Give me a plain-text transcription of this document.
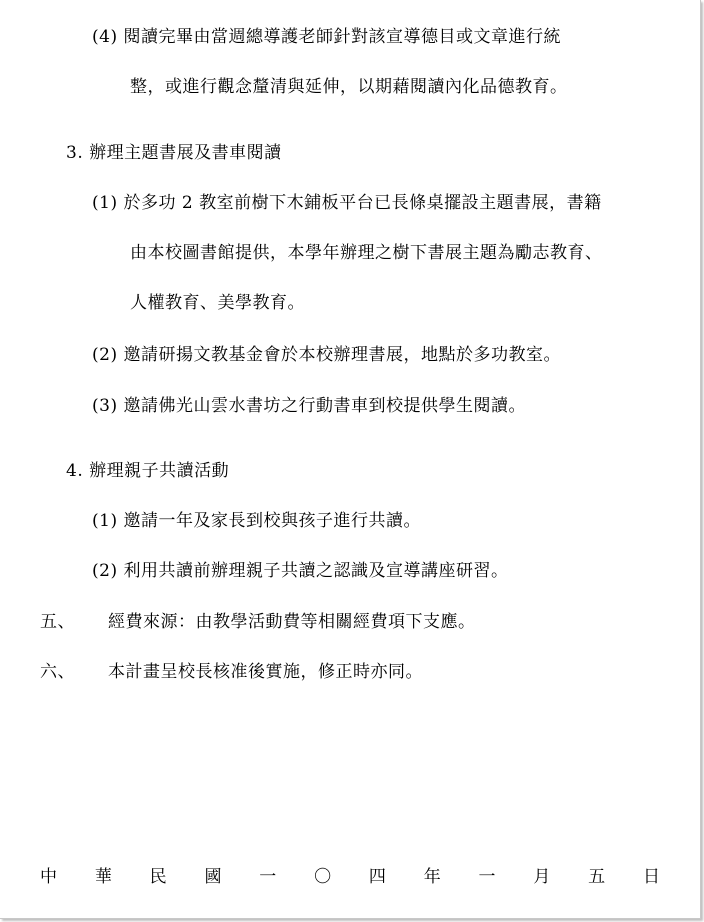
(4) 閱讀完畢由當週總導護老師針對該宣導德目或文章進行統
整，或進行觀念釐清與延伸，以期藉閱讀內化品德教育。
3. 辦理主題書展及書車閱讀
(1) 於多功 2 教室前樹下木鋪板平台已長條桌擺設主題書展，書籍
由本校圖書館提供，本學年辦理之樹下書展主題為勵志教育、
人權教育、美學教育。
(2) 邀請研揚文教基金會於本校辦理書展，地點於多功教室。
(3) 邀請佛光山雲水書坊之行動書車到校提供學生閱讀。
4. 辦理親子共讀活動
(1) 邀請一年及家長到校與孩子進行共讀。
(2) 利用共讀前辦理親子共讀之認識及宣導講座研習。
五、 經費來源：由教學活動費等相關經費項下支應。
六、 本計畫呈校長核准後實施，修正時亦同。
中 華 民 國 一 〇 四 年 一 月 五 日
